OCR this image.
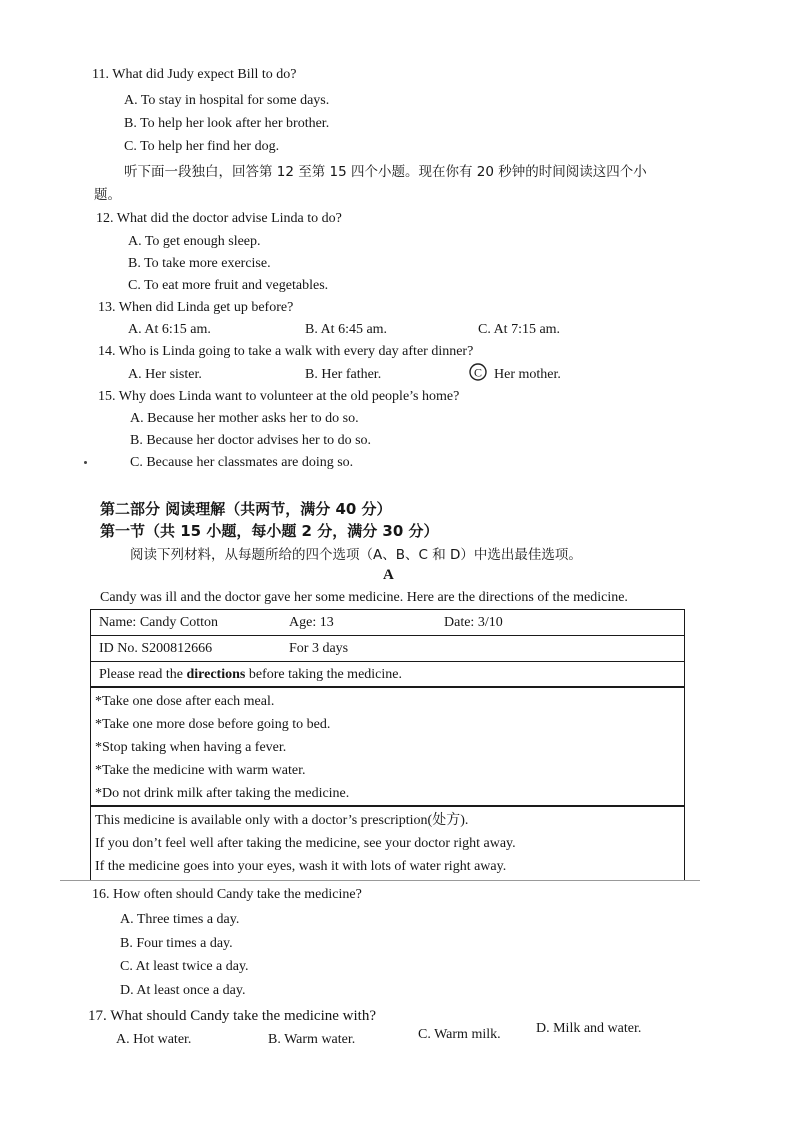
11. What did Judy expect Bill to do?
A. To stay in hospital for some days.
B. To help her look after her brother.
C. To help her find her dog.
听下面一段独白，回答第 12 至第 15 四个小题。现在你有 20 秒钟的时间阅读这四个小
题。
12. What did the doctor advise Linda to do?
A. To get enough sleep.
B. To take more exercise.
C. To eat more fruit and vegetables.
13. When did Linda get up before?
A. At 6:15 am.	B. At 6:45 am.	C. At 7:15 am.
14. Who is Linda going to take a walk with every day after dinner?
A. Her sister.	B. Her father.	C Her mother.
15. Why does Linda want to volunteer at the old people’s home?
A. Because her mother asks her to do so.
B. Because her doctor advises her to do so.
C. Because her classmates are doing so.
第二部分 阅读理解（共两节，满分 40 分）
第一节（共 15 小题，每小题 2 分，满分 30 分）
阅读下列材料，从每题所给的四个选项（A、B、C 和 D）中选出最佳选项。
A
Candy was ill and the doctor gave her some medicine. Here are the directions of the medicine.
Name: Candy Cotton	Age: 13	Date: 3/10
ID No. S200812666	For 3 days
Please read the directions before taking the medicine.
*Take one dose after each meal.
*Take one more dose before going to bed.
*Stop taking when having a fever.
*Take the medicine with warm water.
*Do not drink milk after taking the medicine.
This medicine is available only with a doctor’s prescription(处方).
If you don’t feel well after taking the medicine, see your doctor right away.
If the medicine goes into your eyes, wash it with lots of water right away.
16. How often should Candy take the medicine?
A. Three times a day.
B. Four times a day.
C. At least twice a day.
D. At least once a day.
17. What should Candy take the medicine with?
A. Hot water.	B. Warm water.	C. Warm milk.	D. Milk and water.
